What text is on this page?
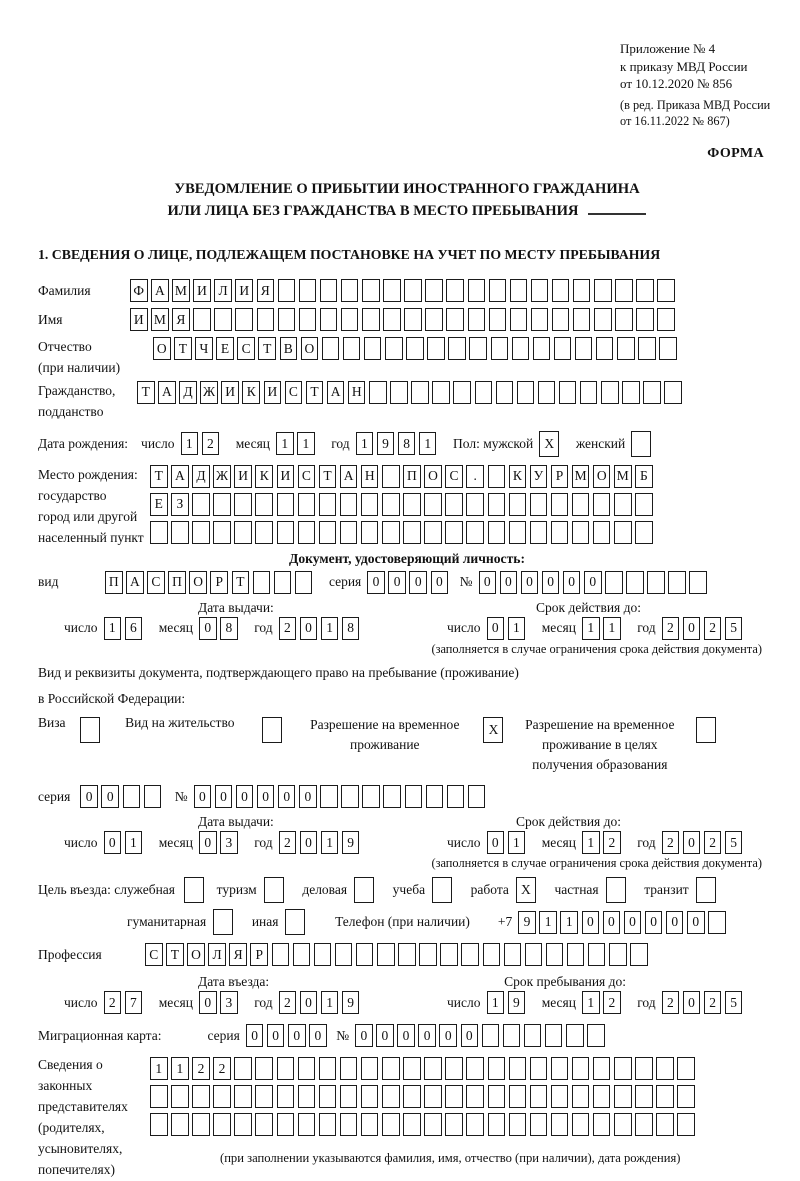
Приложение № 4
к приказу МВД России
от 10.12.2020 № 856
(в ред. Приказа МВД России
от 16.11.2022 № 867)
ФОРМА
УВЕДОМЛЕНИЕ О ПРИБЫТИИ ИНОСТРАННОГО ГРАЖДАНИНА
ИЛИ ЛИЦА БЕЗ ГРАЖДАНСТВА В МЕСТО ПРЕБЫВАНИЯ
1. СВЕДЕНИЯ О ЛИЦЕ, ПОДЛЕЖАЩЕМ ПОСТАНОВКЕ НА УЧЕТ ПО МЕСТУ ПРЕБЫВАНИЯ
Фамилия	Ф А М И Л И Я
Имя	И М Я
Отчество
(при наличии)
О Т Ч Е С Т В О
Гражданство,
подданство
Т А Д Ж И К И С Т А Н
Дата рождения: число 1	2	месяц 1	1	год 1	9	8	1	Пол: мужской X	женский
Место рождения:
государство
город или другой
населенный пункт
Т А Д Ж И К И С Т А Н П О С	.	К У Р М О М Б
Е	З
Документ, удостоверяющий личность:
вид	П А С П О Р Т	серия 0	0	0	0	№ 0	0	0	0	0	0
Дата выдачи:	Срок действия до:
число 1	6	месяц 0	8	год 2	0	1	8	число 0	1	месяц 1	1	год 2	0	2	5
(заполняется в случае ограничения срока действия документа)
Вид и реквизиты документа, подтверждающего право на пребывание (проживание)
в Российской Федерации:
Виза	Вид на жительство	Разрешение на временное
проживание
X	Разрешение на временное
проживание в целях
получения образования
серия	0	0	№ 0	0	0	0	0	0
Дата выдачи:	Срок действия до:
число 0	1	месяц 0	3	год 2	0	1	9	число 0	1	месяц 1	2	год 2	0	2	5
(заполняется в случае ограничения срока действия документа)
Цель въезда: служебная	туризм	деловая	учеба	работа X	частная	транзит
гуманитарная	иная	Телефон (при наличии) +7 9	1	1	0	0	0	0	0	0
Профессия	С Т О Л Я Р
Дата въезда:	Срок пребывания до:
число 2	7	месяц 0	3	год 2	0	1	9	число 1	9	месяц 1	2	год 2	0	2	5
Миграционная карта:	серия 0	0	0	0	№ 0	0	0	0	0	0
Сведения о
законных
представителях
(родителях,
усыновителях,
попечителях)
1	1	2	2
(при заполнении указываются фамилия, имя, отчество (при наличии), дата рождения)
